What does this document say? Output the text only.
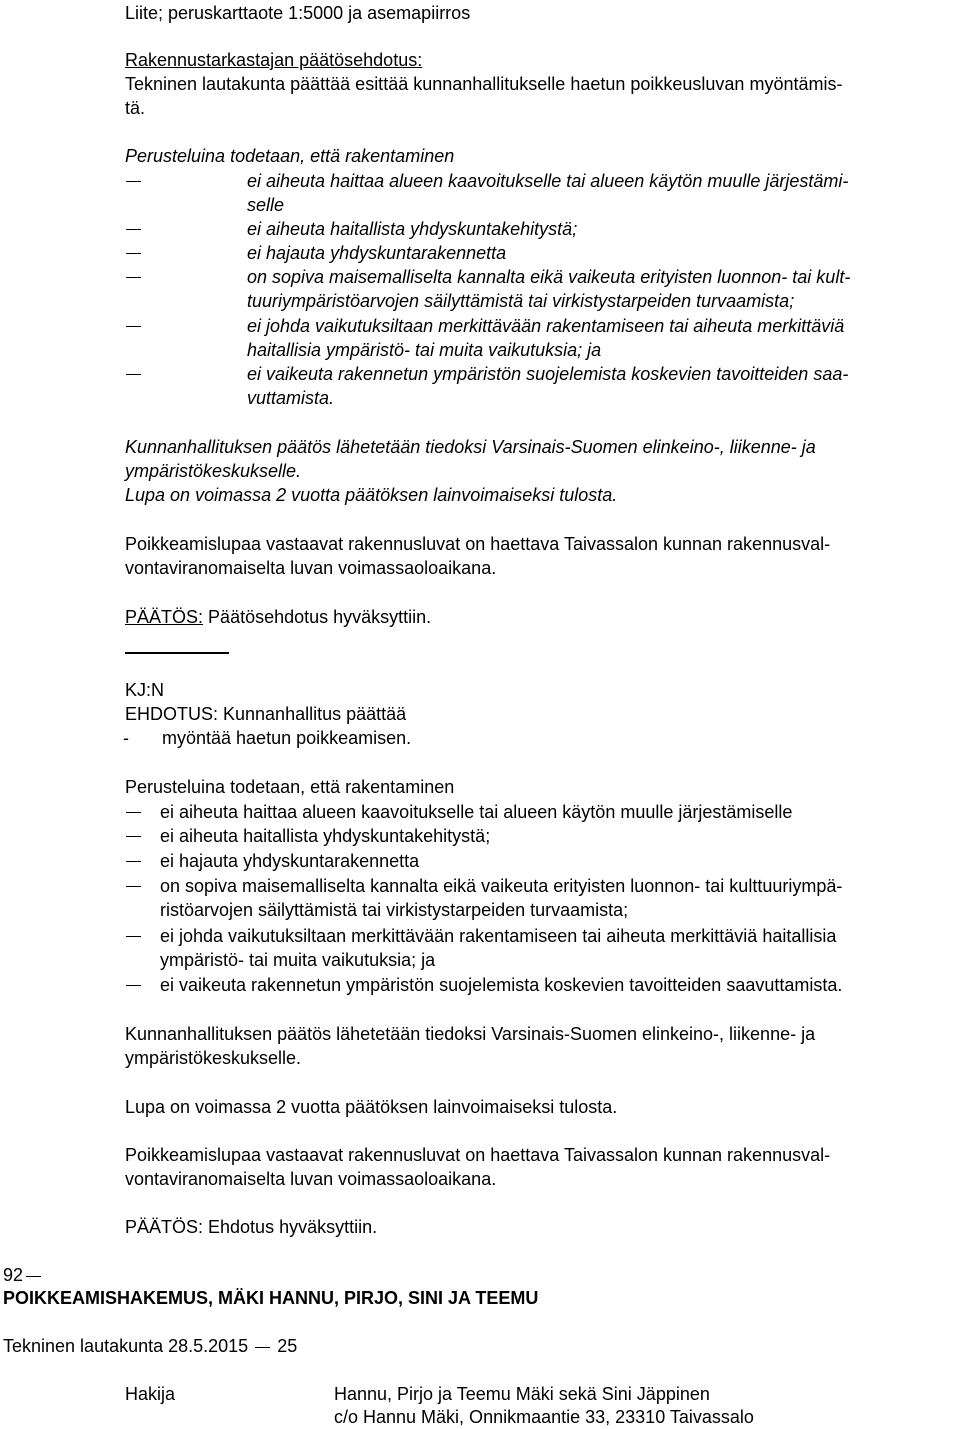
Liite; peruskarttaote 1:5000 ja asemapiirros
Rakennustarkastajan päätösehdotus:
Tekninen lautakunta päättää esittää kunnanhallitukselle haetun poikkeusluvan myöntämis-
tä.
Perusteluina todetaan, että rakentaminen
ei aiheuta haittaa alueen kaavoitukselle tai alueen käytön muulle järjestämi-
selle
ei aiheuta haitallista yhdyskuntakehitystä;
ei hajauta yhdyskuntarakennetta
on sopiva maisemalliselta kannalta eikä vaikeuta erityisten luonnon- tai kult-
tuuriympäristöarvojen säilyttämistä tai virkistystarpeiden turvaamista;
ei johda vaikutuksiltaan merkittävään rakentamiseen tai aiheuta merkittäviä
haitallisia ympäristö- tai muita vaikutuksia; ja
ei vaikeuta rakennetun ympäristön suojelemista koskevien tavoitteiden saa-
vuttamista.
Kunnanhallituksen päätös lähetetään tiedoksi Varsinais-Suomen elinkeino-, liikenne- ja
ympäristökeskukselle.
Lupa on voimassa 2 vuotta päätöksen lainvoimaiseksi tulosta.
Poikkeamislupaa vastaavat rakennusluvat on haettava Taivassalon kunnan rakennusval-
vontaviranomaiselta luvan voimassaoloaikana.
PÄÄTÖS: Päätösehdotus hyväksyttiin.
KJ:N
EHDOTUS: Kunnanhallitus päättää
- myöntää haetun poikkeamisen.
Perusteluina todetaan, että rakentaminen
ei aiheuta haittaa alueen kaavoitukselle tai alueen käytön muulle järjestämiselle
ei aiheuta haitallista yhdyskuntakehitystä;
ei hajauta yhdyskuntarakennetta
on sopiva maisemalliselta kannalta eikä vaikeuta erityisten luonnon- tai kulttuuriympä-
ristöarvojen säilyttämistä tai virkistystarpeiden turvaamista;
ei johda vaikutuksiltaan merkittävään rakentamiseen tai aiheuta merkittäviä haitallisia
ympäristö- tai muita vaikutuksia; ja
ei vaikeuta rakennetun ympäristön suojelemista koskevien tavoitteiden saavuttamista.
Kunnanhallituksen päätös lähetetään tiedoksi Varsinais-Suomen elinkeino-, liikenne- ja
ympäristökeskukselle.
Lupa on voimassa 2 vuotta päätöksen lainvoimaiseksi tulosta.
Poikkeamislupaa vastaavat rakennusluvat on haettava Taivassalon kunnan rakennusval-
vontaviranomaiselta luvan voimassaoloaikana.
PÄÄTÖS: Ehdotus hyväksyttiin.
92
POIKKEAMISHAKEMUS, MÄKI HANNU, PIRJO, SINI JA TEEMU
Tekninen lautakunta 28.5.2015 25
Hakija	Hannu, Pirjo ja Teemu Mäki sekä Sini Jäppinen
c/o Hannu Mäki, Onnikmaantie 33, 23310 Taivassalo
